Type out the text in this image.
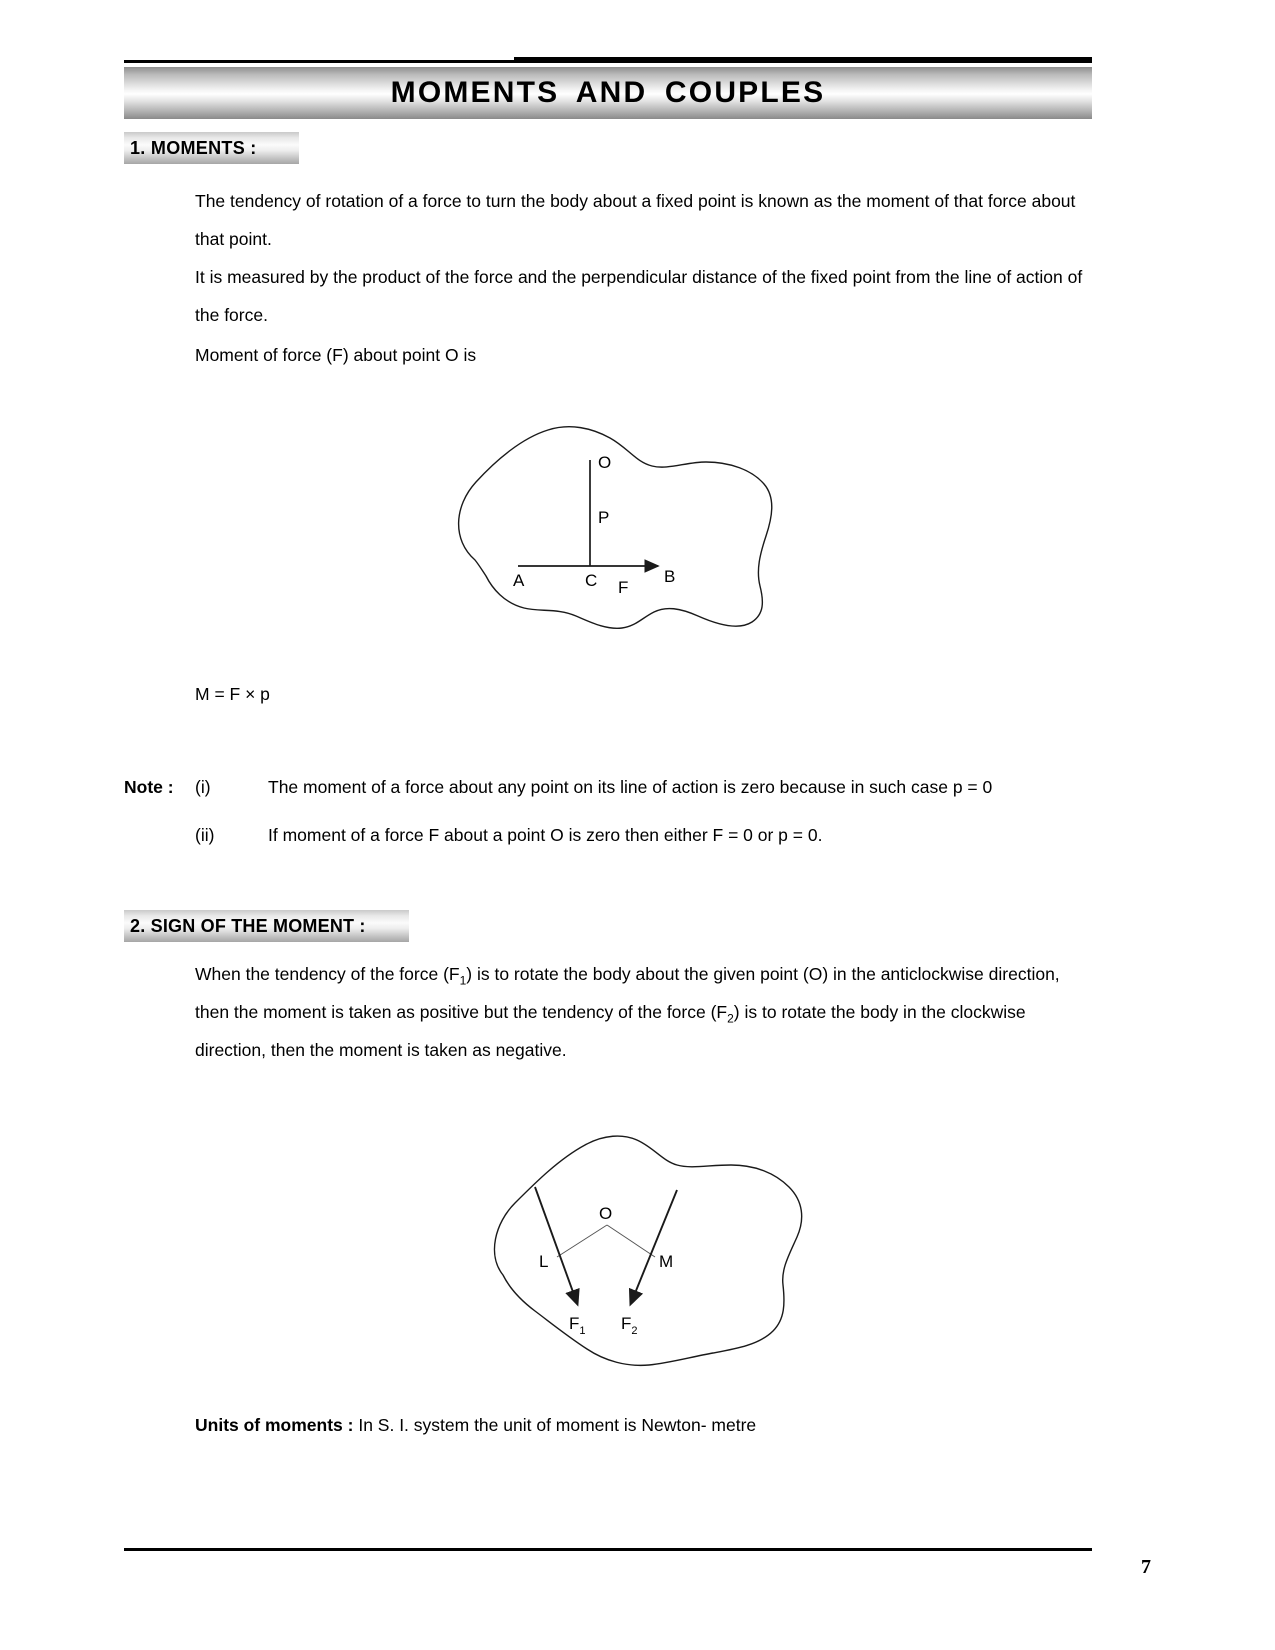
MOMENTS AND COUPLES
1. MOMENTS :
The tendency of rotation of a force to turn the body about a fixed point is known as the moment of that force about that point.
It is measured by the product of the force and the perpendicular distance of the fixed point from the line of action of the force.
Moment of force (F) about point O is
O
P
A	C F
B
M = F × p
Note : (i)	The moment of a force about any point on its line of action is zero because in such case p = 0
(ii)	If moment of a force F about a point O is zero then either F = 0 or p = 0.
2. SIGN OF THE MOMENT :
When the tendency of the force $(F_1)$ is to rotate the body about the given point (O) in the anticlockwise direction, then the moment is taken as positive but the tendency of the force $(F_2)$ is to rotate the body in the clockwise direction, then the moment is taken as negative.
O
L	M
$F_1$ $F_2$
Units of moments : In S. I. system the unit of moment is Newton- metre
7
